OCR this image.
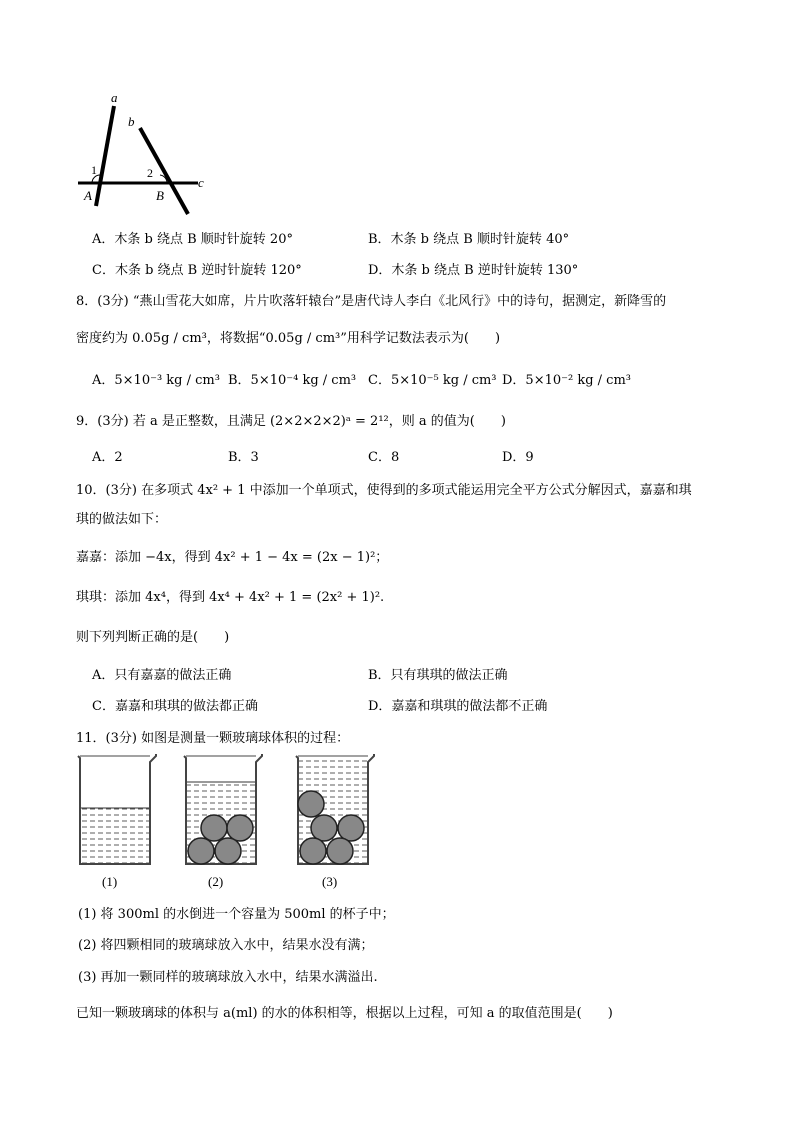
a
b
c
1	2
A	B
A．木条 b 绕点 B 顺时针旋转 20°	B．木条 b 绕点 B 顺时针旋转 40°
C．木条 b 绕点 B 逆时针旋转 120°	D．木条 b 绕点 B 逆时针旋转 130°
8．(3分) “燕山雪花大如席，片片吹落轩辕台”是唐代诗人李白《北风行》中的诗句，据测定，新降雪的
密度约为 0.05g / cm³，将数据“0.05g / cm³”用科学记数法表示为(　　)
A．5×10⁻³ kg / cm³ B．5×10⁻⁴ kg / cm³ C．5×10⁻⁵ kg / cm³ D．5×10⁻² kg / cm³
9．(3分) 若 a 是正整数，且满足 (2×2×2×2)ᵃ = 2¹²，则 a 的值为(　　)
A．2	B．3	C．8	D．9
10．(3分) 在多项式 4x² + 1 中添加一个单项式，使得到的多项式能运用完全平方公式分解因式，嘉嘉和琪
琪的做法如下：
嘉嘉：添加 −4x，得到 4x² + 1 − 4x = (2x − 1)²；
琪琪：添加 4x⁴，得到 4x⁴ + 4x² + 1 = (2x² + 1)².
则下列判断正确的是(　　)
A．只有嘉嘉的做法正确	B．只有琪琪的做法正确
C．嘉嘉和琪琪的做法都正确	D．嘉嘉和琪琪的做法都不正确
11．(3分) 如图是测量一颗玻璃球体积的过程：
(1)	(2)	(3)
(1) 将 300ml 的水倒进一个容量为 500ml 的杯子中；
(2) 将四颗相同的玻璃球放入水中，结果水没有满；
(3) 再加一颗同样的玻璃球放入水中，结果水满溢出.
已知一颗玻璃球的体积与 a(ml) 的水的体积相等，根据以上过程，可知 a 的取值范围是(　　)
